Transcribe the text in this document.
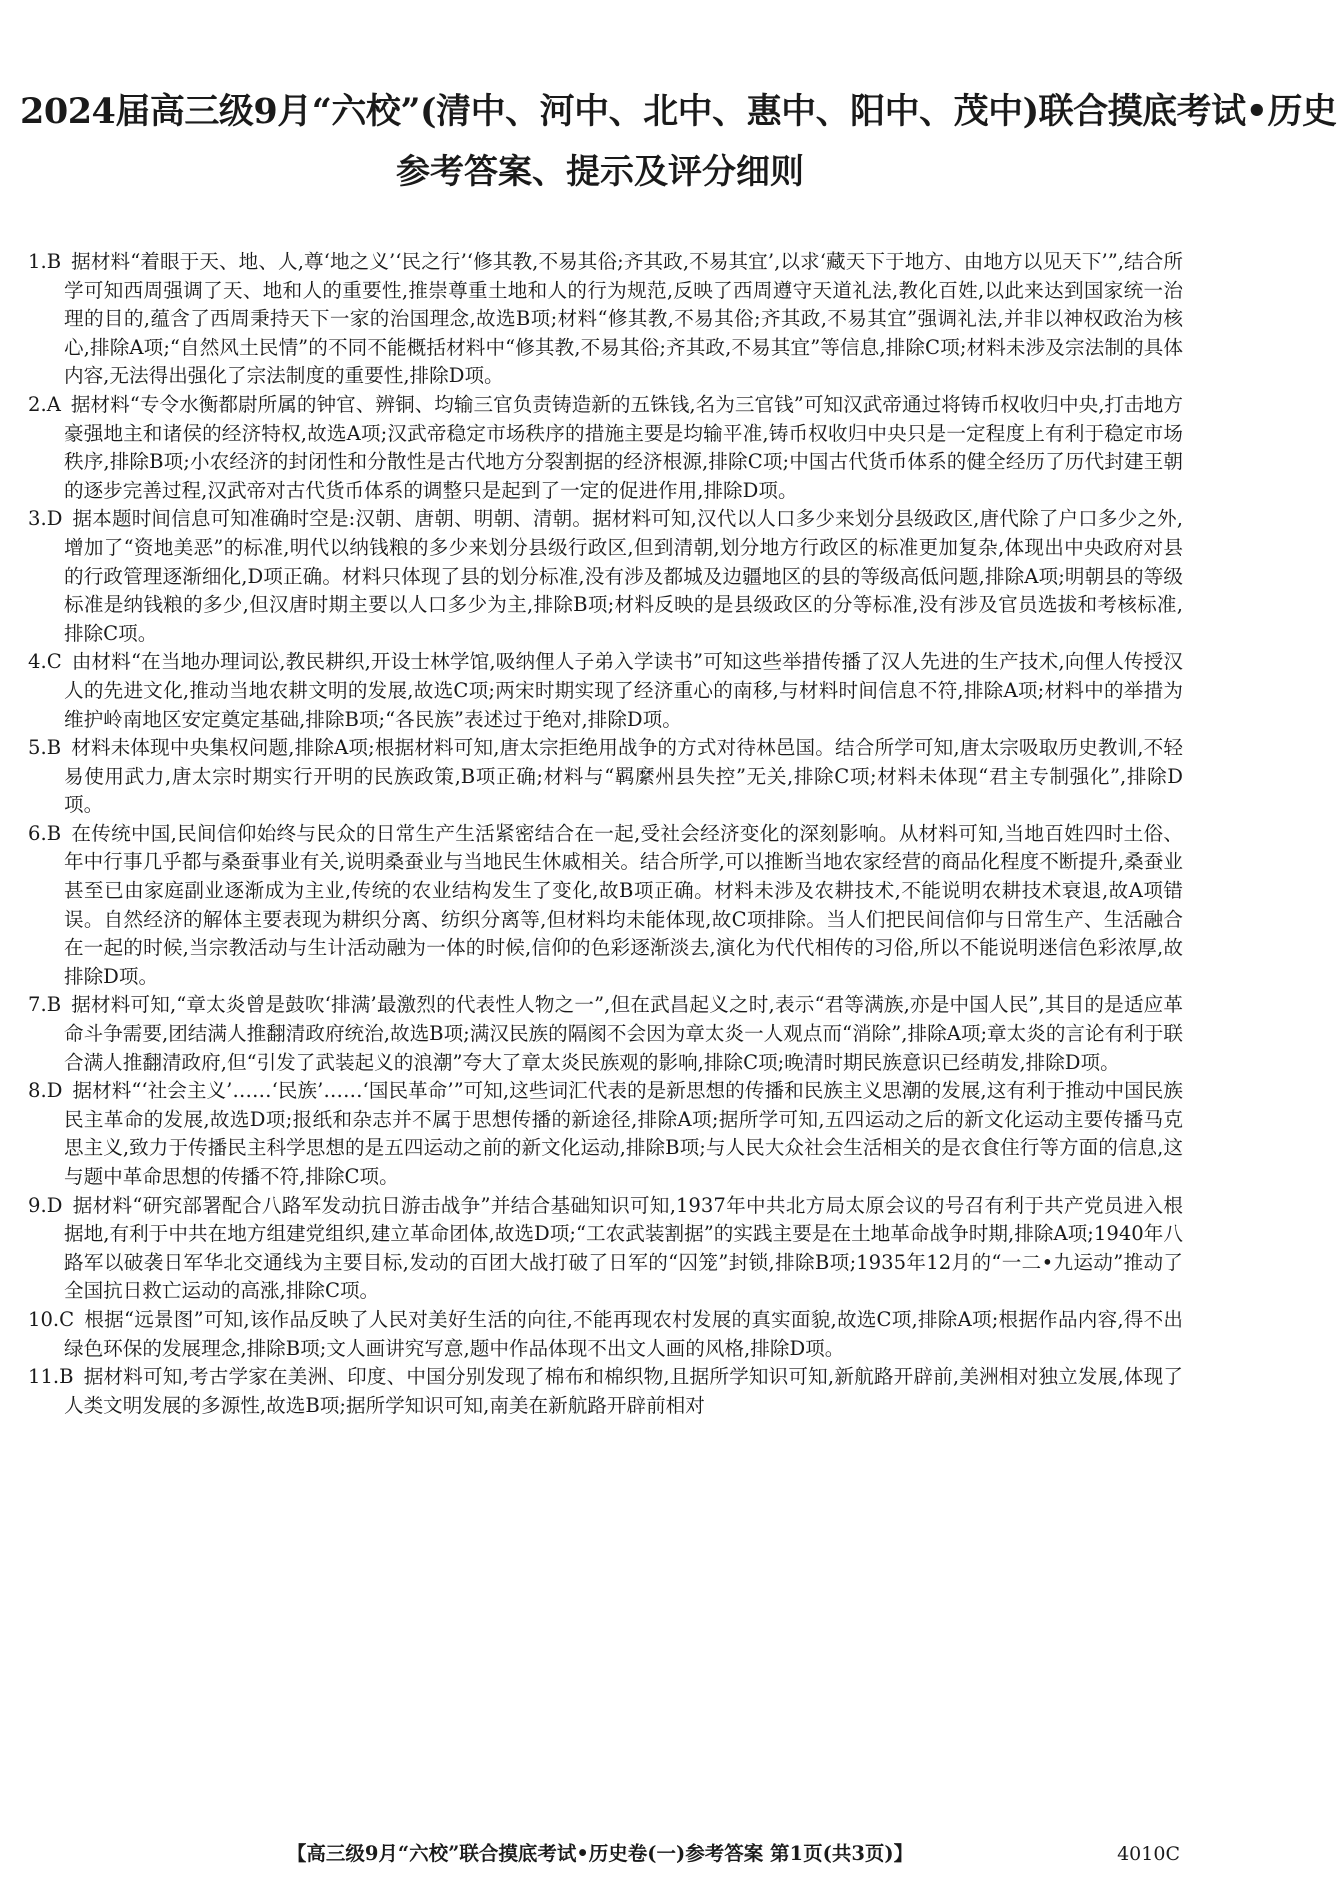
2024届高三级9月“六校”(清中、河中、北中、惠中、阳中、茂中)联合摸底考试•历史
参考答案、提示及评分细则

1.B 据材料“着眼于天、地、人,尊‘地之义’‘民之行’‘修其教,不易其俗;齐其政,不易其宜’,以求‘藏天下于地方、由地方以见天下’”,结合所学可知西周强调了天、地和人的重要性,推崇尊重土地和人的行为规范,反映了西周遵守天道礼法,教化百姓,以此来达到国家统一治理的目的,蕴含了西周秉持天下一家的治国理念,故选B项;材料“修其教,不易其俗;齐其政,不易其宜”强调礼法,并非以神权政治为核心,排除A项;“自然风土民情”的不同不能概括材料中“修其教,不易其俗;齐其政,不易其宜”等信息,排除C项;材料未涉及宗法制的具体内容,无法得出强化了宗法制度的重要性,排除D项。

2.A 据材料“专令水衡都尉所属的钟官、辨铜、均输三官负责铸造新的五铢钱,名为三官钱”可知汉武帝通过将铸币权收归中央,打击地方豪强地主和诸侯的经济特权,故选A项;汉武帝稳定市场秩序的措施主要是均输平准,铸币权收归中央只是一定程度上有利于稳定市场秩序,排除B项;小农经济的封闭性和分散性是古代地方分裂割据的经济根源,排除C项;中国古代货币体系的健全经历了历代封建王朝的逐步完善过程,汉武帝对古代货币体系的调整只是起到了一定的促进作用,排除D项。

3.D 据本题时间信息可知准确时空是:汉朝、唐朝、明朝、清朝。据材料可知,汉代以人口多少来划分县级政区,唐代除了户口多少之外,增加了“资地美恶”的标准,明代以纳钱粮的多少来划分县级行政区,但到清朝,划分地方行政区的标准更加复杂,体现出中央政府对县的行政管理逐渐细化,D项正确。材料只体现了县的划分标准,没有涉及都城及边疆地区的县的等级高低问题,排除A项;明朝县的等级标准是纳钱粮的多少,但汉唐时期主要以人口多少为主,排除B项;材料反映的是县级政区的分等标准,没有涉及官员选拔和考核标准,排除C项。

4.C 由材料“在当地办理词讼,教民耕织,开设士林学馆,吸纳俚人子弟入学读书”可知这些举措传播了汉人先进的生产技术,向俚人传授汉人的先进文化,推动当地农耕文明的发展,故选C项;两宋时期实现了经济重心的南移,与材料时间信息不符,排除A项;材料中的举措为维护岭南地区安定奠定基础,排除B项;“各民族”表述过于绝对,排除D项。

5.B 材料未体现中央集权问题,排除A项;根据材料可知,唐太宗拒绝用战争的方式对待林邑国。结合所学可知,唐太宗吸取历史教训,不轻易使用武力,唐太宗时期实行开明的民族政策,B项正确;材料与“羁縻州县失控”无关,排除C项;材料未体现“君主专制强化”,排除D项。

6.B 在传统中国,民间信仰始终与民众的日常生产生活紧密结合在一起,受社会经济变化的深刻影响。从材料可知,当地百姓四时土俗、年中行事几乎都与桑蚕事业有关,说明桑蚕业与当地民生休戚相关。结合所学,可以推断当地农家经营的商品化程度不断提升,桑蚕业甚至已由家庭副业逐渐成为主业,传统的农业结构发生了变化,故B项正确。材料未涉及农耕技术,不能说明农耕技术衰退,故A项错误。自然经济的解体主要表现为耕织分离、纺织分离等,但材料均未能体现,故C项排除。当人们把民间信仰与日常生产、生活融合在一起的时候,当宗教活动与生计活动融为一体的时候,信仰的色彩逐渐淡去,演化为代代相传的习俗,所以不能说明迷信色彩浓厚,故排除D项。

7.B 据材料可知,“章太炎曾是鼓吹‘排满’最激烈的代表性人物之一”,但在武昌起义之时,表示“君等满族,亦是中国人民”,其目的是适应革命斗争需要,团结满人推翻清政府统治,故选B项;满汉民族的隔阂不会因为章太炎一人观点而“消除”,排除A项;章太炎的言论有利于联合满人推翻清政府,但“引发了武装起义的浪潮”夸大了章太炎民族观的影响,排除C项;晚清时期民族意识已经萌发,排除D项。

8.D 据材料“‘社会主义’……‘民族’……‘国民革命’”可知,这些词汇代表的是新思想的传播和民族主义思潮的发展,这有利于推动中国民族民主革命的发展,故选D项;报纸和杂志并不属于思想传播的新途径,排除A项;据所学可知,五四运动之后的新文化运动主要传播马克思主义,致力于传播民主科学思想的是五四运动之前的新文化运动,排除B项;与人民大众社会生活相关的是衣食住行等方面的信息,这与题中革命思想的传播不符,排除C项。

9.D 据材料“研究部署配合八路军发动抗日游击战争”并结合基础知识可知,1937年中共北方局太原会议的号召有利于共产党员进入根据地,有利于中共在地方组建党组织,建立革命团体,故选D项;“工农武装割据”的实践主要是在土地革命战争时期,排除A项;1940年八路军以破袭日军华北交通线为主要目标,发动的百团大战打破了日军的“囚笼”封锁,排除B项;1935年12月的“一二•九运动”推动了全国抗日救亡运动的高涨,排除C项。

10.C 根据“远景图”可知,该作品反映了人民对美好生活的向往,不能再现农村发展的真实面貌,故选C项,排除A项;根据作品内容,得不出绿色环保的发展理念,排除B项;文人画讲究写意,题中作品体现不出文人画的风格,排除D项。

11.B 据材料可知,考古学家在美洲、印度、中国分别发现了棉布和棉织物,且据所学知识可知,新航路开辟前,美洲相对独立发展,体现了人类文明发展的多源性,故选B项;据所学知识可知,南美在新航路开辟前相对

【高三级9月“六校”联合摸底考试•历史卷(一)参考答案 第1页(共3页)】	4010C
